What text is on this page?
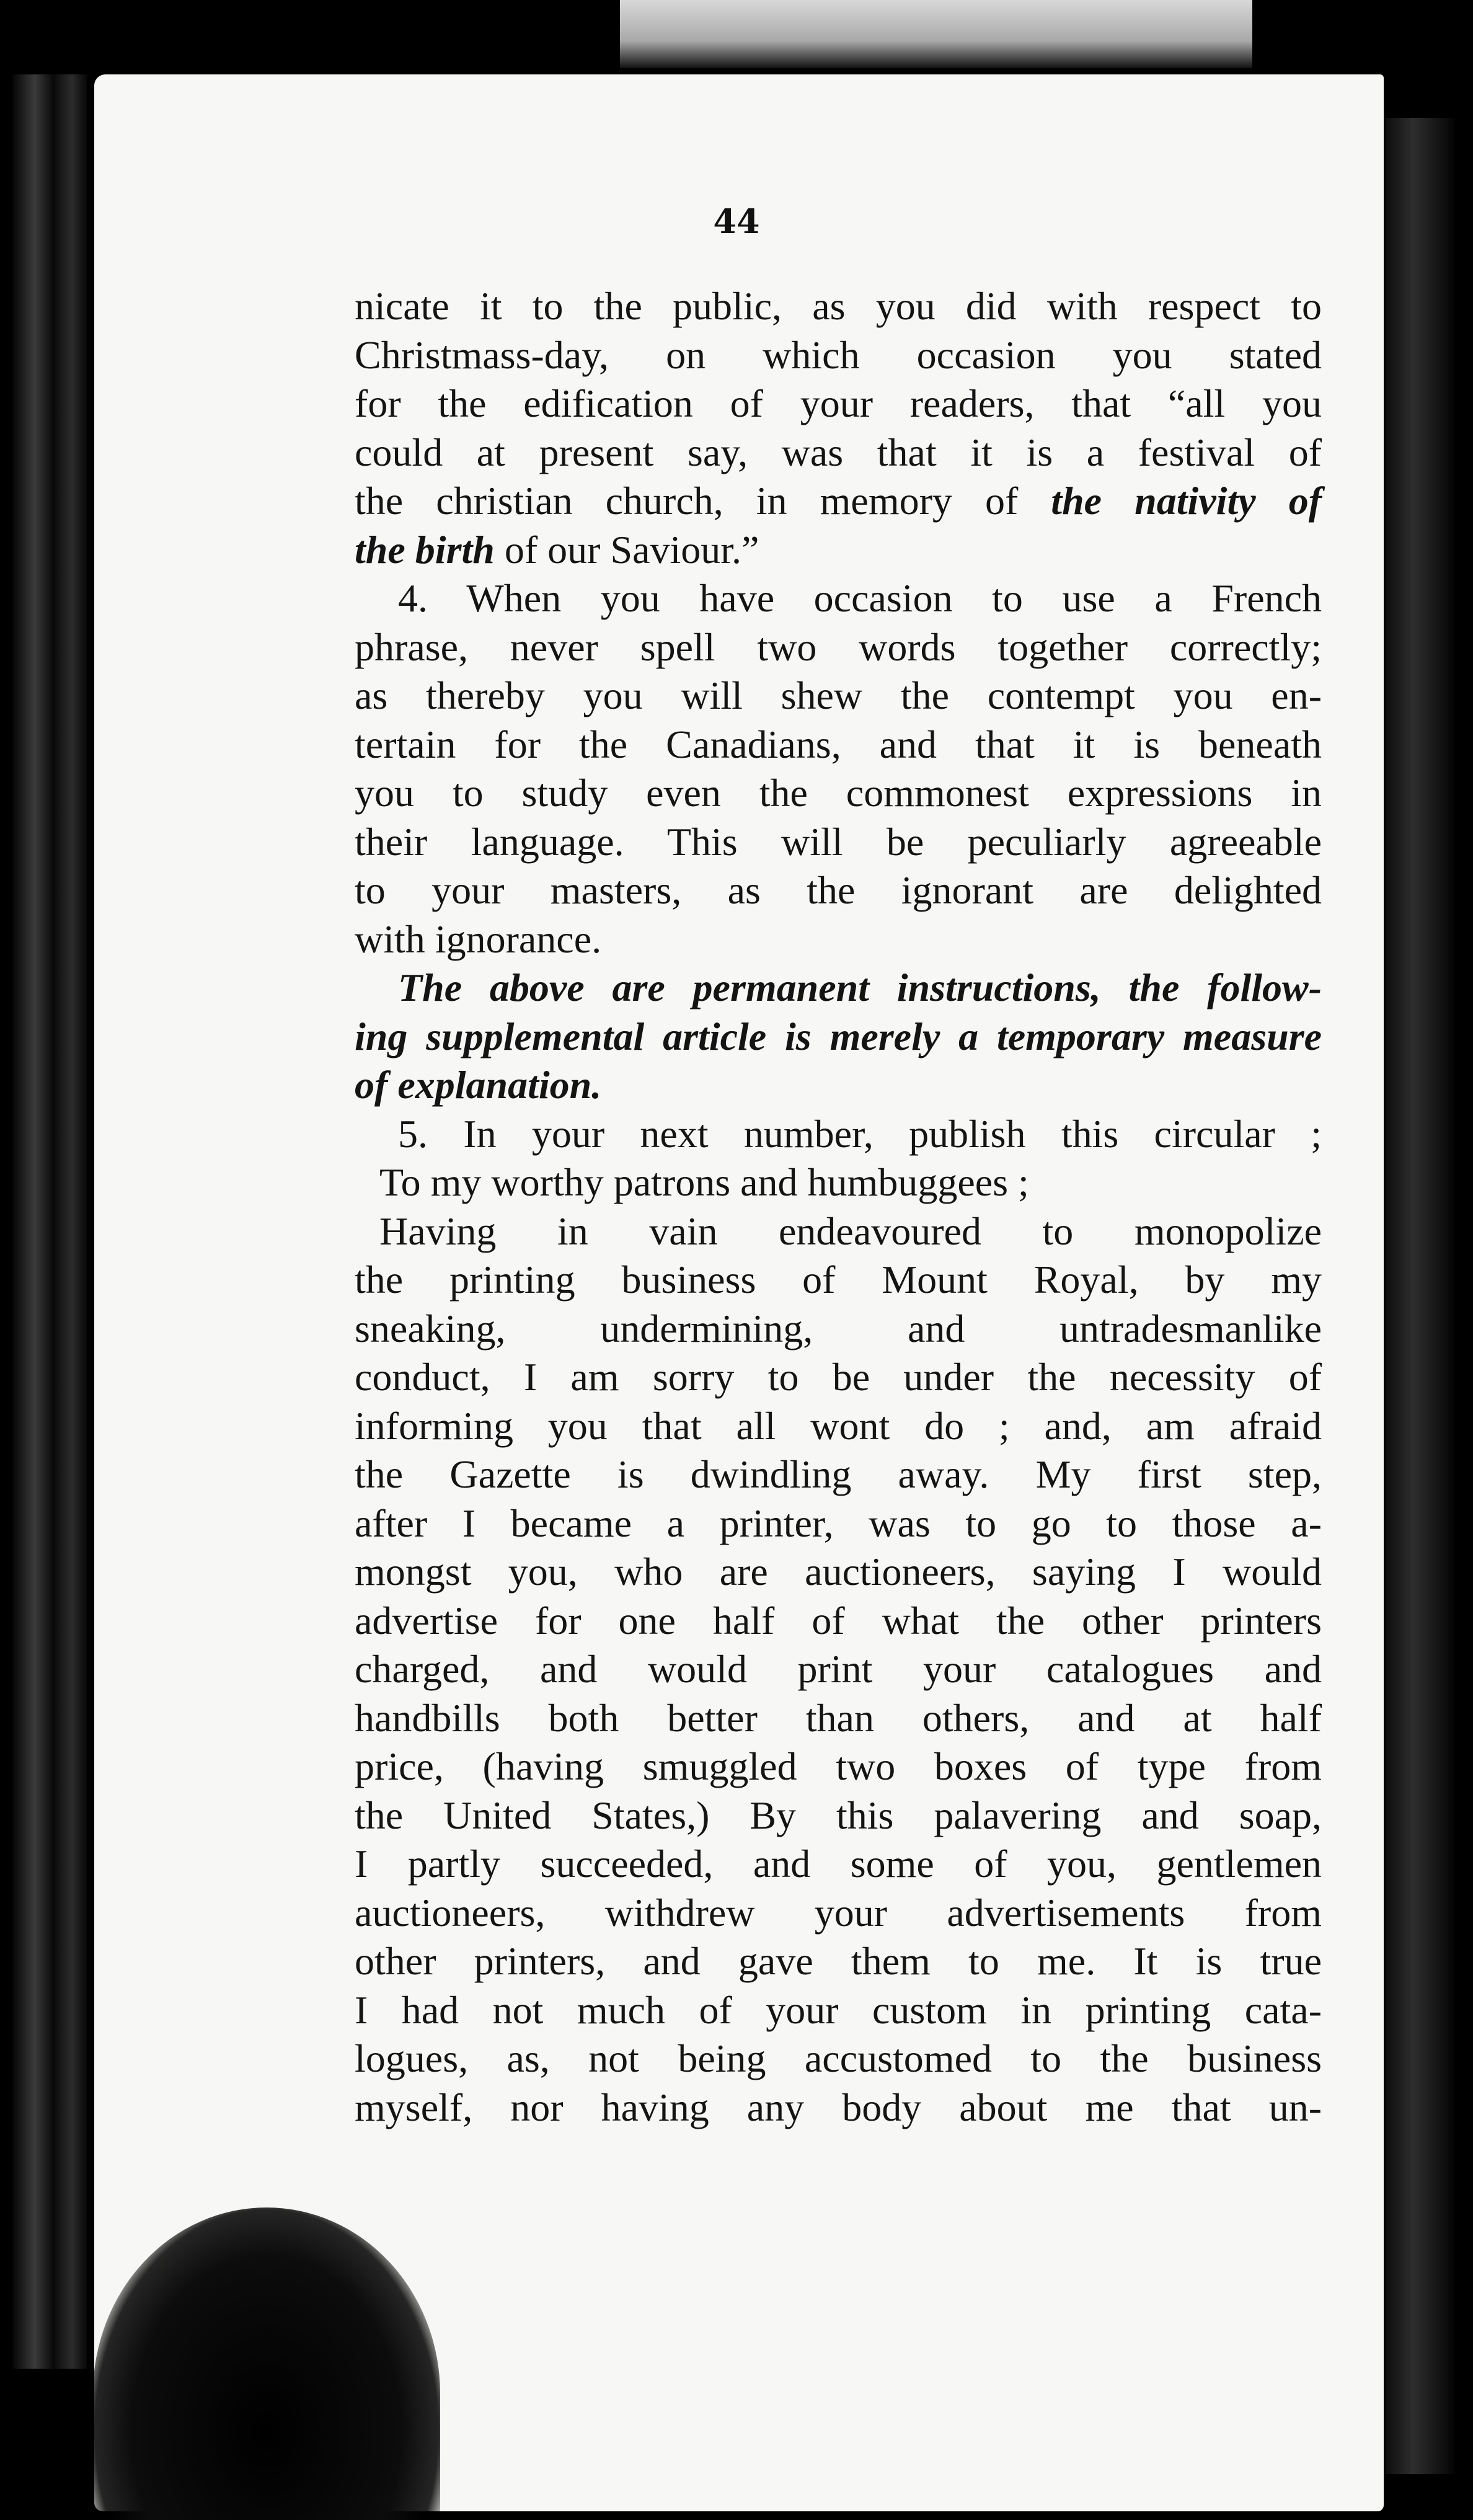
44
nicate it to the public, as you did with respect to
Christmass-day, on which occasion you stated
for the edification of your readers, that “all you
could at present say, was that it is a festival of
the christian church, in memory of the nativity of
the birth of our Saviour.”
4. When you have occasion to use a French
phrase, never spell two words together correctly;
as thereby you will shew the contempt you en-
tertain for the Canadians, and that it is beneath
you to study even the commonest expressions in
their language. This will be peculiarly agreeable
to your masters, as the ignorant are delighted
with ignorance.
The above are permanent instructions, the follow-
ing supplemental article is merely a temporary measure
of explanation.
5. In your next number, publish this circular ;
To my worthy patrons and humbuggees ;
Having in vain endeavoured to monopolize
the printing business of Mount Royal, by my
sneaking, undermining, and untradesmanlike
conduct, I am sorry to be under the necessity of
informing you that all wont do ; and, am afraid
the Gazette is dwindling away. My first step,
after I became a printer, was to go to those a-
mongst you, who are auctioneers, saying I would
advertise for one half of what the other printers
charged, and would print your catalogues and
handbills both better than others, and at half
price, (having smuggled two boxes of type from
the United States,) By this palavering and soap,
I partly succeeded, and some of you, gentlemen
auctioneers, withdrew your advertisements from
other printers, and gave them to me. It is true
I had not much of your custom in printing cata-
logues, as, not being accustomed to the business
myself, nor having any body about me that un-
